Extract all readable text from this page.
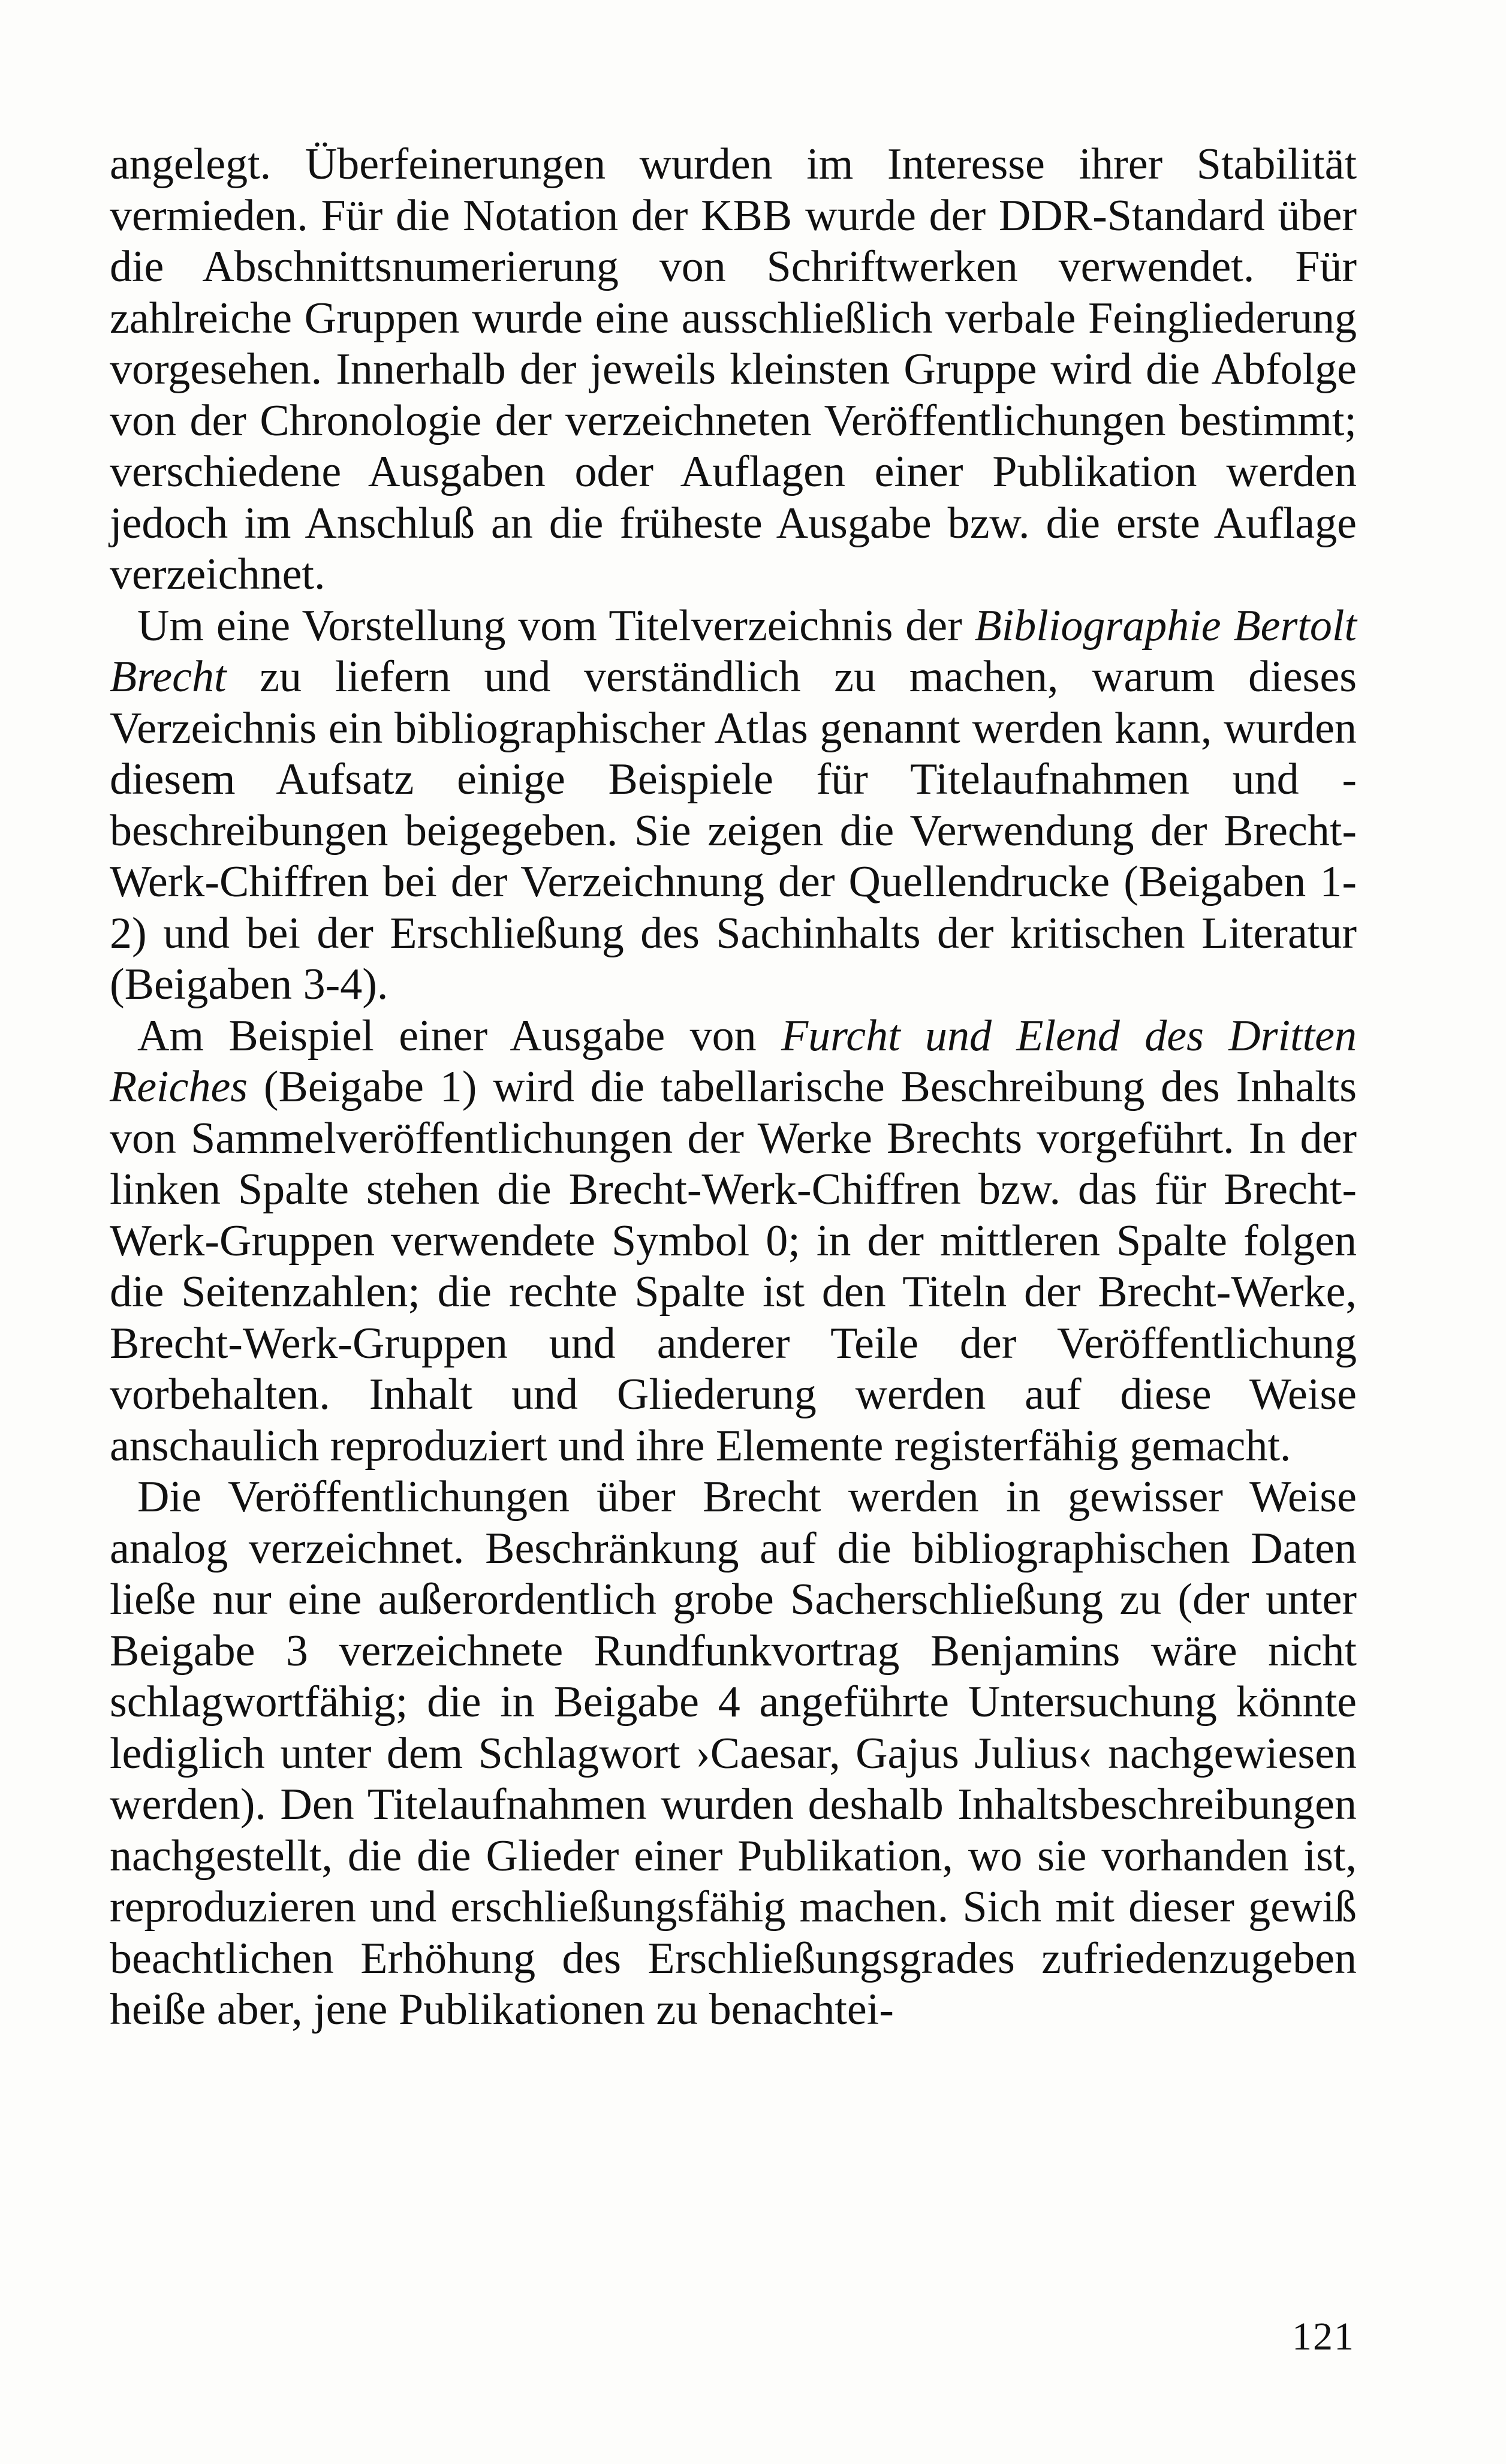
angelegt. Überfeinerungen wurden im Interesse ihrer Stabilität vermieden. Für die Notation der KBB wurde der DDR-Standard über die Abschnittsnumerierung von Schriftwerken verwendet. Für zahlreiche Gruppen wurde eine ausschließlich verbale Feingliederung vorgesehen. Innerhalb der jeweils kleinsten Gruppe wird die Abfolge von der Chronologie der verzeichneten Veröffentlichungen bestimmt; verschiedene Ausgaben oder Auflagen einer Publikation werden jedoch im Anschluß an die früheste Ausgabe bzw. die erste Auflage verzeichnet.

Um eine Vorstellung vom Titelverzeichnis der Bibliographie Bertolt Brecht zu liefern und verständlich zu machen, warum dieses Verzeichnis ein bibliographischer Atlas genannt werden kann, wurden diesem Aufsatz einige Beispiele für Titelaufnahmen und -beschreibungen beigegeben. Sie zeigen die Verwendung der Brecht-Werk-Chiffren bei der Verzeichnung der Quellendrucke (Beigaben 1-2) und bei der Erschließung des Sachinhalts der kritischen Literatur (Beigaben 3-4).

Am Beispiel einer Ausgabe von Furcht und Elend des Dritten Reiches (Beigabe 1) wird die tabellarische Beschreibung des Inhalts von Sammelveröffentlichungen der Werke Brechts vorgeführt. In der linken Spalte stehen die Brecht-Werk-Chiffren bzw. das für Brecht-Werk-Gruppen verwendete Symbol 0; in der mittleren Spalte folgen die Seitenzahlen; die rechte Spalte ist den Titeln der Brecht-Werke, Brecht-Werk-Gruppen und anderer Teile der Veröffentlichung vorbehalten. Inhalt und Gliederung werden auf diese Weise anschaulich reproduziert und ihre Elemente registerfähig gemacht.

Die Veröffentlichungen über Brecht werden in gewisser Weise analog verzeichnet. Beschränkung auf die bibliographischen Daten ließe nur eine außerordentlich grobe Sacherschließung zu (der unter Beigabe 3 verzeichnete Rundfunkvortrag Benjamins wäre nicht schlagwortfähig; die in Beigabe 4 angeführte Untersuchung könnte lediglich unter dem Schlagwort ›Caesar, Gajus Julius‹ nachgewiesen werden). Den Titelaufnahmen wurden deshalb Inhaltsbeschreibungen nachgestellt, die die Glieder einer Publikation, wo sie vorhanden ist, reproduzieren und erschließungsfähig machen. Sich mit dieser gewiß beachtlichen Erhöhung des Erschließungsgrades zufriedenzugeben heiße aber, jene Publikationen zu benachtei-

121
